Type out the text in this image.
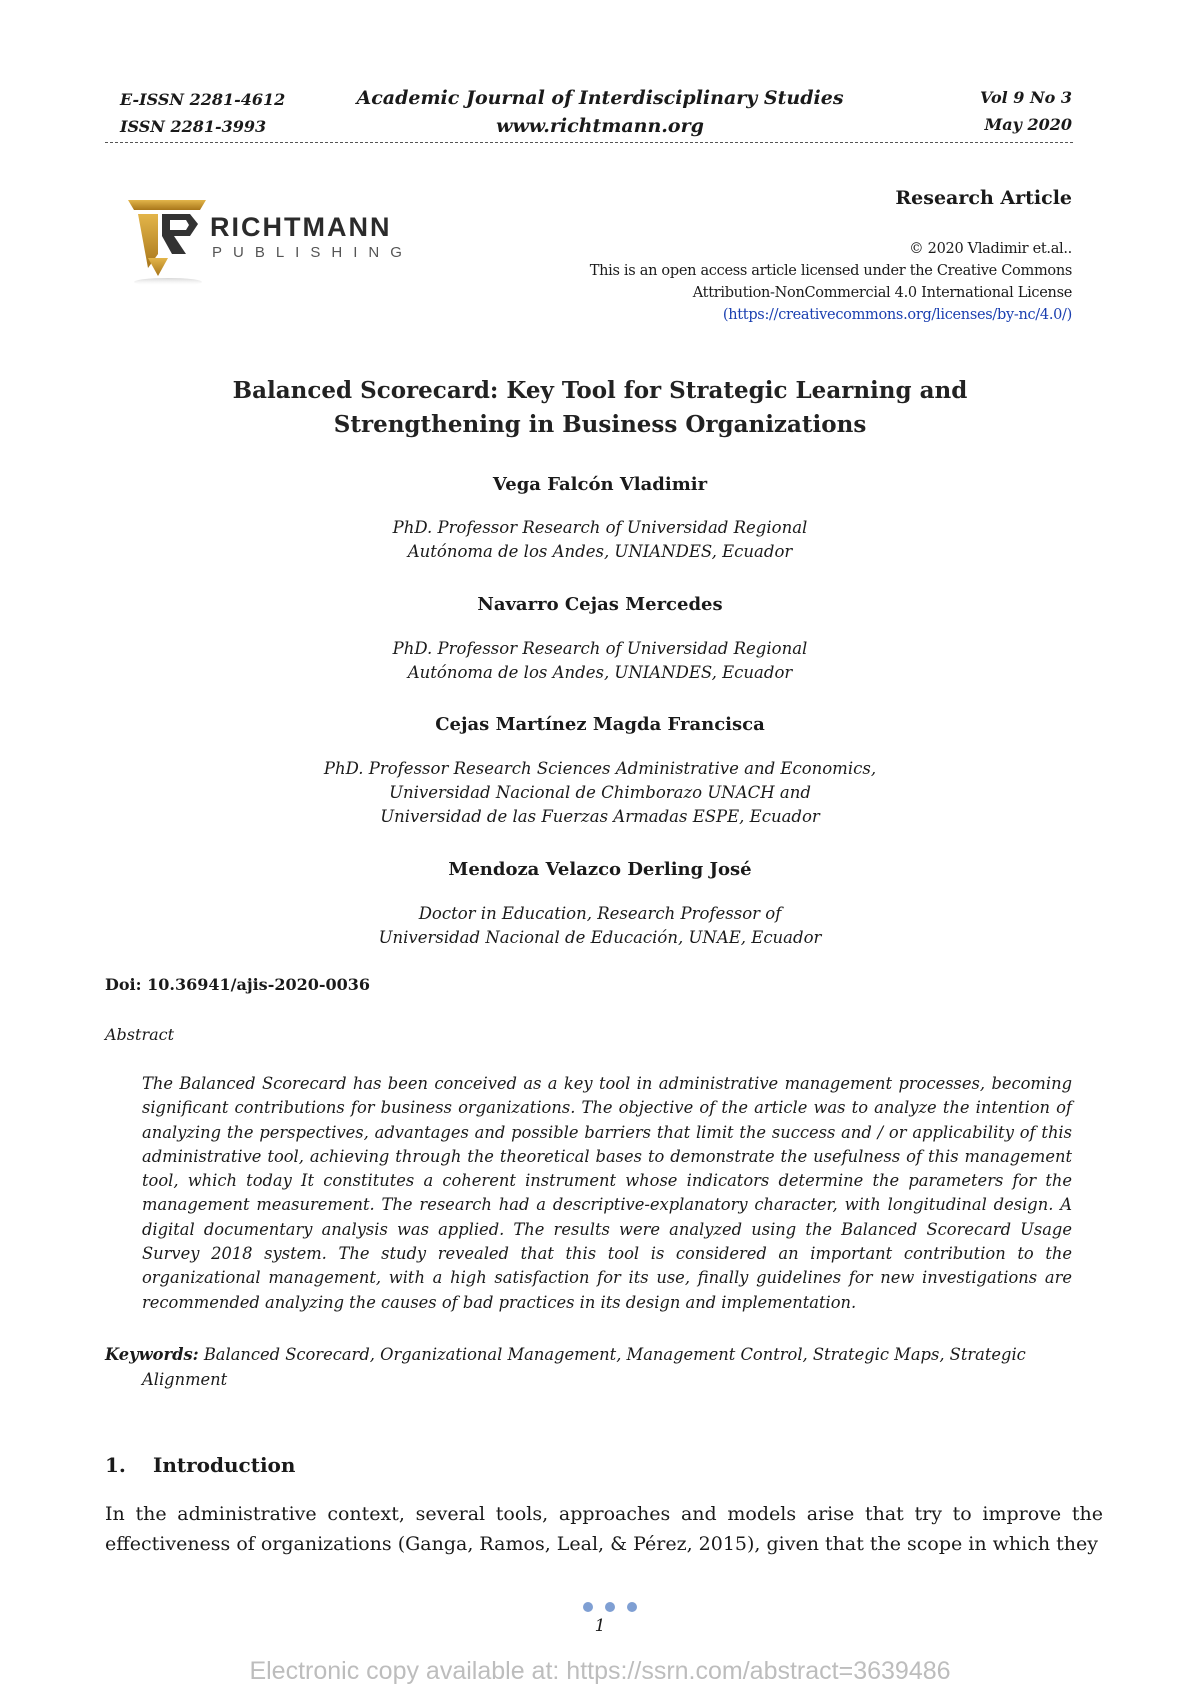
E-ISSN 2281-4612
ISSN 2281-3993
Academic Journal of Interdisciplinary Studies
www.richtmann.org
Vol 9 No 3
May 2020
RICHTMANN
PUBLISHING
Research Article
© 2020 Vladimir et.al..
This is an open access article licensed under the Creative Commons
Attribution-NonCommercial 4.0 International License
(https://creativecommons.org/licenses/by-nc/4.0/)
Balanced Scorecard: Key Tool for Strategic Learning and
Strengthening in Business Organizations
Vega Falcón Vladimir
PhD. Professor Research of Universidad Regional
Autónoma de los Andes, UNIANDES, Ecuador
Navarro Cejas Mercedes
PhD. Professor Research of Universidad Regional
Autónoma de los Andes, UNIANDES, Ecuador
Cejas Martínez Magda Francisca
PhD. Professor Research Sciences Administrative and Economics,
Universidad Nacional de Chimborazo UNACH and
Universidad de las Fuerzas Armadas ESPE, Ecuador
Mendoza Velazco Derling José
Doctor in Education, Research Professor of
Universidad Nacional de Educación, UNAE, Ecuador
Doi: 10.36941/ajis-2020-0036
Abstract
The Balanced Scorecard has been conceived as a key tool in administrative management processes, becoming significant contributions for business organizations. The objective of the article was to analyze the intention of analyzing the perspectives, advantages and possible barriers that limit the success and / or applicability of this administrative tool, achieving through the theoretical bases to demonstrate the usefulness of this management tool, which today It constitutes a coherent instrument whose indicators determine the parameters for the management measurement. The research had a descriptive-explanatory character, with longitudinal design. A digital documentary analysis was applied. The results were analyzed using the Balanced Scorecard Usage Survey 2018 system. The study revealed that this tool is considered an important contribution to the organizational management, with a high satisfaction for its use, finally guidelines for new investigations are recommended analyzing the causes of bad practices in its design and implementation.
Keywords: Balanced Scorecard, Organizational Management, Management Control, Strategic Maps, Strategic Alignment
1. Introduction
In the administrative context, several tools, approaches and models arise that try to improve the effectiveness of organizations (Ganga, Ramos, Leal, & Pérez, 2015), given that the scope in which they
1
Electronic copy available at: https://ssrn.com/abstract=3639486
